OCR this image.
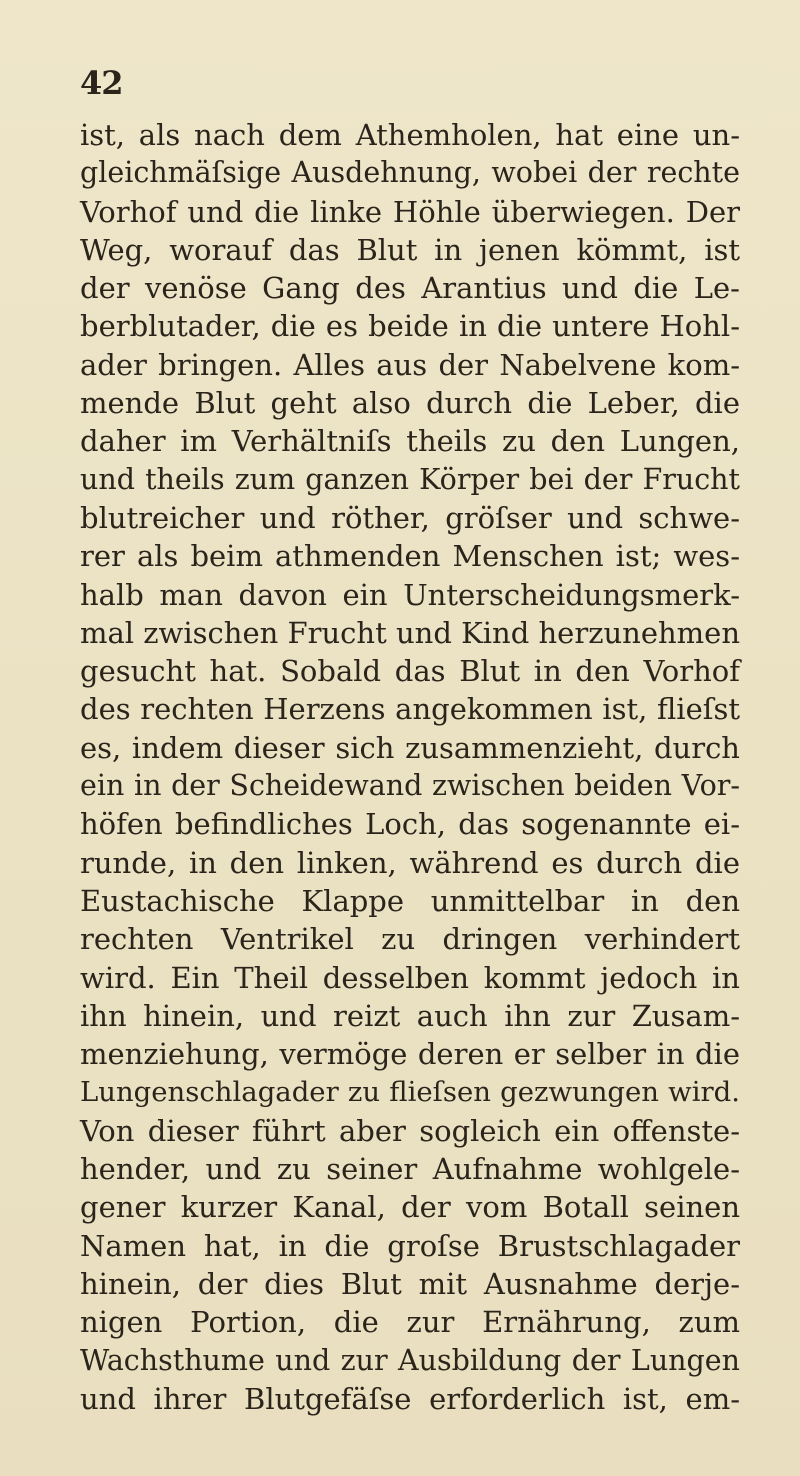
42
ist, als nach dem Athemholen, hat eine un-
gleichmäſsige Ausdehnung, wobei der rechte
Vorhof und die linke Höhle überwiegen. Der
Weg, worauf das Blut in jenen kömmt, ist
der venöse Gang des Arantius und die Le-
berblutader, die es beide in die untere Hohl-
ader bringen. Alles aus der Nabelvene kom-
mende Blut geht also durch die Leber, die
daher im Verhältniſs theils zu den Lungen,
und theils zum ganzen Körper bei der Frucht
blutreicher und röther, gröſser und schwe-
rer als beim athmenden Menschen ist; wes-
halb man davon ein Unterscheidungsmerk-
mal zwischen Frucht und Kind herzunehmen
gesucht hat. Sobald das Blut in den Vorhof
des rechten Herzens angekommen ist, flieſst
es, indem dieser sich zusammenzieht, durch
ein in der Scheidewand zwischen beiden Vor-
höfen befindliches Loch, das sogenannte ei-
runde, in den linken, während es durch die
Eustachische Klappe unmittelbar in den
rechten Ventrikel zu dringen verhindert
wird. Ein Theil desselben kommt jedoch in
ihn hinein, und reizt auch ihn zur Zusam-
menziehung, vermöge deren er selber in die
Lungenschlagader zu flieſsen gezwungen wird.
Von dieser führt aber sogleich ein offenste-
hender, und zu seiner Aufnahme wohlgele-
gener kurzer Kanal, der vom Botall seinen
Namen hat, in die groſse Brustschlagader
hinein, der dies Blut mit Ausnahme derje-
nigen Portion, die zur Ernährung, zum
Wachsthume und zur Ausbildung der Lungen
und ihrer Blutgefäſse erforderlich ist, em-
